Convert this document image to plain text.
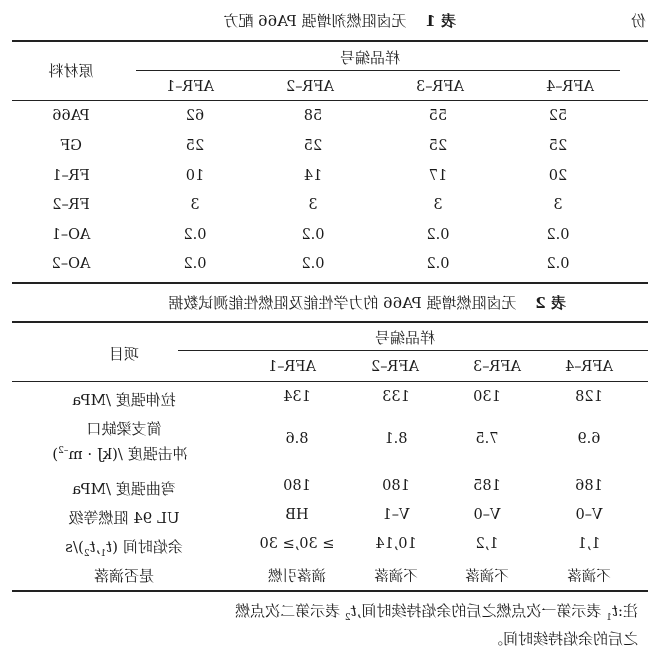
份
表 1 无卤阻燃剂增强 PA66 配方
样品编号
原材料
AFR–1	AFR–2	AFR–3	AFR–4
PA66	62	58	55	52
GF	25	25	25	25
FR–1	10	14	17	20
FR–2	3	3	3	3
AO–1	0.2	0.2	0.2	0.2
AO–2	0.2	0.2	0.2	0.2
表 2 无卤阻燃增强 PA66 的力学性能及阻燃性能测试数据
样品编号
项目
AFR–1	AFR–2	AFR–3	AFR–4
拉伸强度 /MPa	134	133	130	128
简支梁缺口
冲击强度 $/(kJ \cdot m^{-2})$
8.6	8.1	7.5	6.9
弯曲强度 /MPa	180	180	185	186
UL 94 阻燃等级	HB	V–1	V–0	V–0
余焰时间 $(t_1,t_2)/s$	≥ 30,≥ 30	10,14	1,2	1,1
是否滴落	滴落引燃	不滴落	不滴落	不滴落
注$:t_1$ 表示第一次点燃之后的余焰持续时间$,t_2$ 表示第二次点燃
之后的余焰持续时间。
